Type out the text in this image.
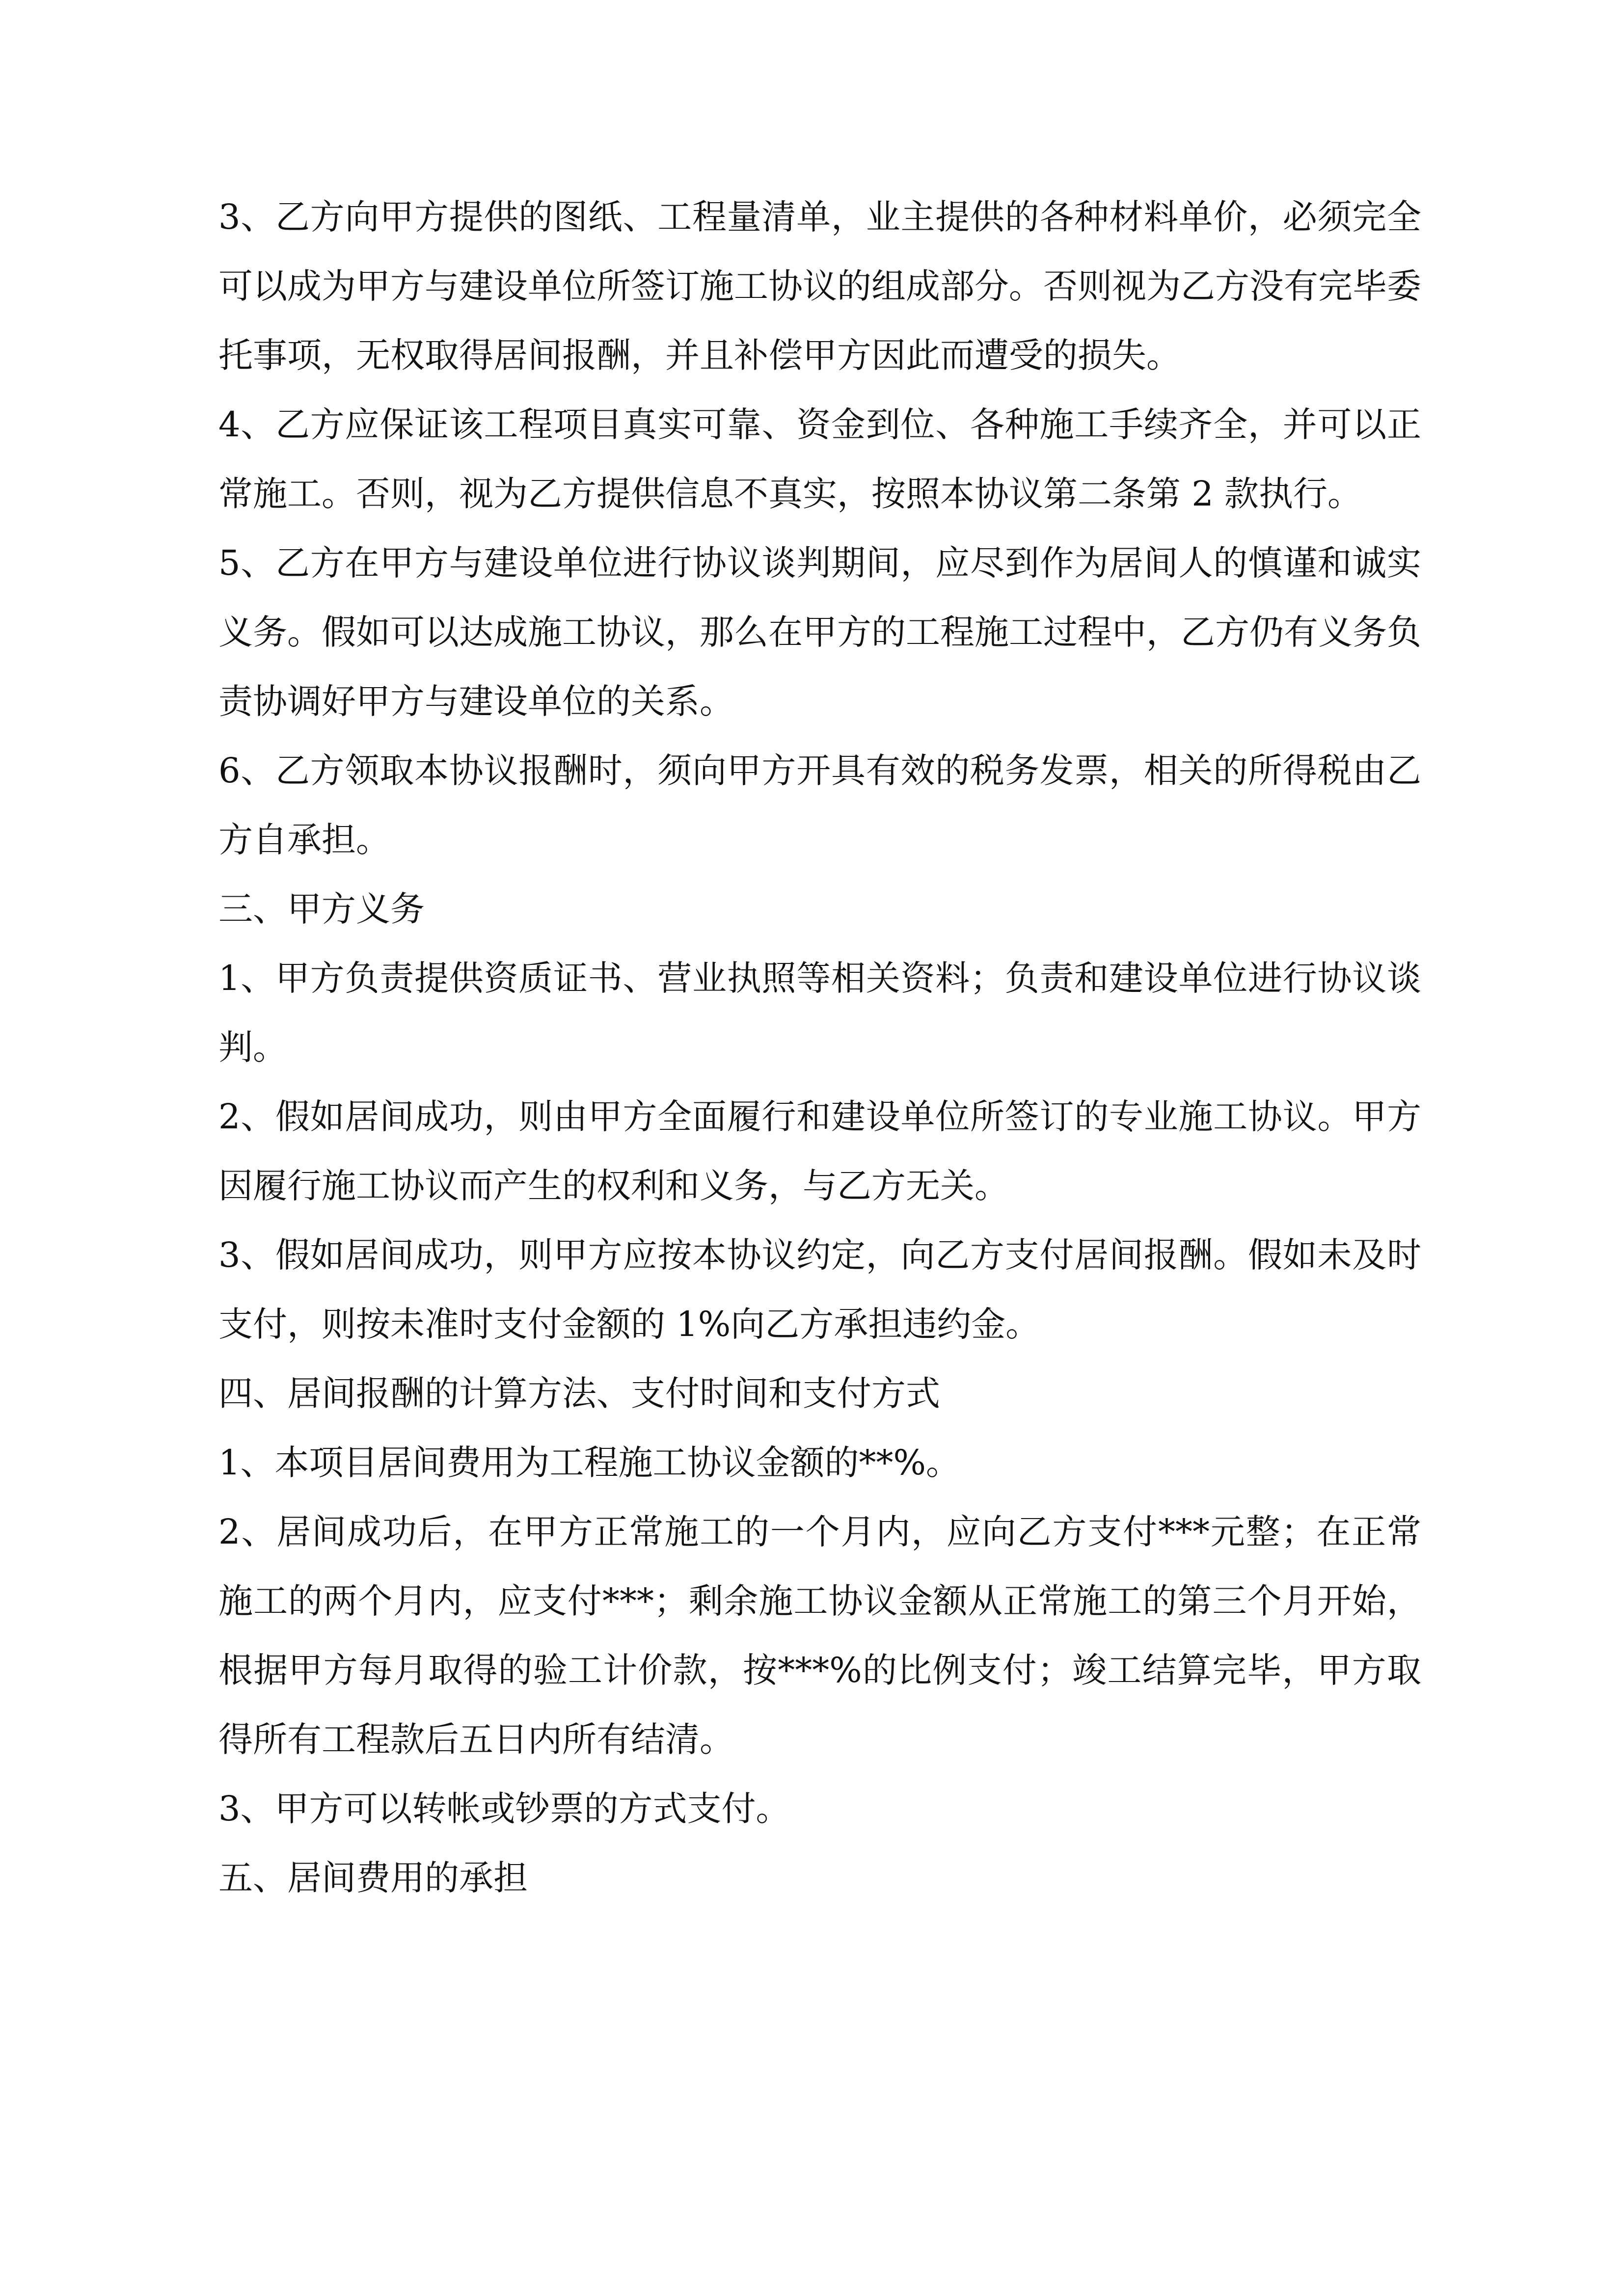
3、乙方向甲方提供的图纸、工程量清单，业主提供的各种材料单价，必须完全可以成为甲方与建设单位所签订施工协议的组成部分。否则视为乙方没有完毕委托事项，无权取得居间报酬，并且补偿甲方因此而遭受的损失。

4、乙方应保证该工程项目真实可靠、资金到位、各种施工手续齐全，并可以正常施工。否则，视为乙方提供信息不真实，按照本协议第二条第 2 款执行。

5、乙方在甲方与建设单位进行协议谈判期间，应尽到作为居间人的慎谨和诚实义务。假如可以达成施工协议，那么在甲方的工程施工过程中，乙方仍有义务负责协调好甲方与建设单位的关系。

6、乙方领取本协议报酬时，须向甲方开具有效的税务发票，相关的所得税由乙方自承担。

三、甲方义务

1、甲方负责提供资质证书、营业执照等相关资料；负责和建设单位进行协议谈判。

2、假如居间成功，则由甲方全面履行和建设单位所签订的专业施工协议。甲方因履行施工协议而产生的权利和义务，与乙方无关。

3、假如居间成功，则甲方应按本协议约定，向乙方支付居间报酬。假如未及时支付，则按未准时支付金额的 1%向乙方承担违约金。

四、居间报酬的计算方法、支付时间和支付方式

1、本项目居间费用为工程施工协议金额的**%。

2、居间成功后，在甲方正常施工的一个月内，应向乙方支付***元整；在正常施工的两个月内，应支付***；剩余施工协议金额从正常施工的第三个月开始，根据甲方每月取得的验工计价款，按***%的比例支付；竣工结算完毕，甲方取得所有工程款后五日内所有结清。

3、甲方可以转帐或钞票的方式支付。

五、居间费用的承担
